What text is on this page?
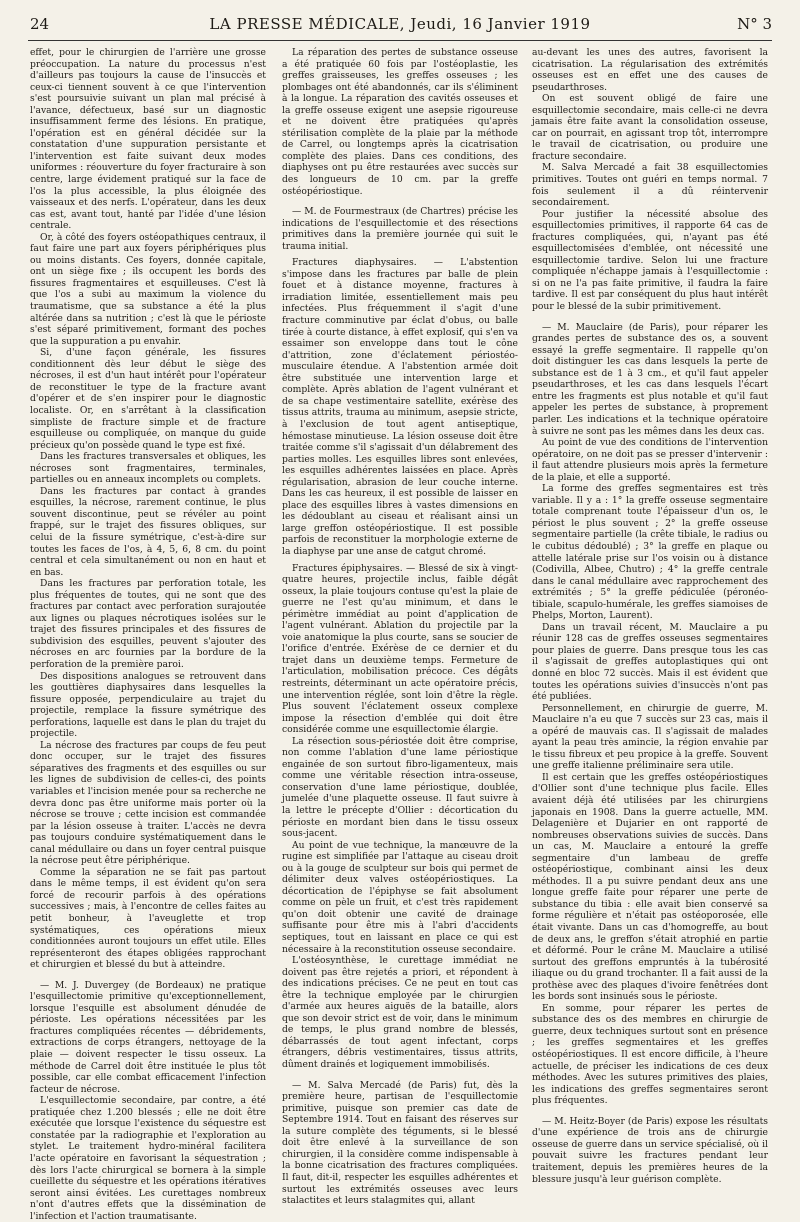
24	LA PRESSE MÉDICALE, Jeudi, 16 Janvier 1919	N° 3

effet, pour le chirurgien de l'arrière une grosse préoccupation. La nature du processus n'est d'ailleurs pas toujours la cause de l'insuccès et ceux-ci tiennent souvent à ce que l'intervention s'est poursuivie suivant un plan mal précisé à l'avance, défectueux, basé sur un diagnostic insuffisamment ferme des lésions. En pratique, l'opération est en général décidée sur la constatation d'une suppuration persistante et l'intervention est faite suivant deux modes uniformes : réouverture du foyer fracturaire à son centre, large évidement pratiqué sur la face de l'os la plus accessible, la plus éloignée des vaisseaux et des nerfs. L'opérateur, dans les deux cas est, avant tout, hanté par l'idée d'une lésion centrale.

Or, à côté des foyers ostéopathiques centraux, il faut faire une part aux foyers périphériques plus ou moins distants. Ces foyers, donnée capitale, ont un siège fixe ; ils occupent les bords des fissures fragmentaires et esquilleuses. C'est là que l'os a subi au maximum la violence du traumatisme, que sa substance a été la plus altérée dans sa nutrition ; c'est là que le périoste s'est séparé primitivement, formant des poches que la suppuration a pu envahir.

Si, d'une façon générale, les fissures conditionnent dès leur début le siège des nécroses, il est d'un haut intérêt pour l'opérateur de reconstituer le type de la fracture avant d'opérer et de s'en inspirer pour le diagnostic localiste. Or, en s'arrêtant à la classification simpliste de fracture simple et de fracture esquilleuse ou compliquée, on manque du guide précieux qu'on possède quand le type est fixé.

Dans les fractures transversales et obliques, les nécroses sont fragmentaires, terminales, partielles ou en anneaux incomplets ou complets.

Dans les fractures par contact à grandes esquilles, la nécrose, rarement continue, le plus souvent discontinue, peut se révéler au point frappé, sur le trajet des fissures obliques, sur celui de la fissure symétrique, c'est-à-dire sur toutes les faces de l'os, à 4, 5, 6, 8 cm. du point central et cela simultanément ou non en haut et en bas.

Dans les fractures par perforation totale, les plus fréquentes de toutes, qui ne sont que des fractures par contact avec perforation surajoutée aux lignes ou plaques nécrotiques isolées sur le trajet des fissures principales et des fissures de subdivision des esquilles, peuvent s'ajouter des nécroses en arc fournies par la bordure de la perforation de la première paroi.

Des dispositions analogues se retrouvent dans les gouttières diaphysaires dans lesquelles la fissure opposée, perpendiculaire au trajet du projectile, remplace la fissure symétrique des perforations, laquelle est dans le plan du trajet du projectile.

La nécrose des fractures par coups de feu peut donc occuper, sur le trajet des fissures séparatives des fragments et des esquilles ou sur les lignes de subdivision de celles-ci, des points variables et l'incision menée pour sa recherche ne devra donc pas être uniforme mais porter où la nécrose se trouve ; cette incision est commandée par la lésion osseuse à traiter. L'accès ne devra pas toujours conduire systématiquement dans le canal médullaire ou dans un foyer central puisque la nécrose peut être périphérique.

Comme la séparation ne se fait pas partout dans le même temps, il est évident qu'on sera forcé de recourir parfois à des opérations successives ; mais, à l'encontre de celles faites au petit bonheur, à l'aveuglette et trop systématiques, ces opérations mieux conditionnées auront toujours un effet utile. Elles représenteront des étapes obligées rapprochant et chirurgien et blessé du but à atteindre.

— M. J. Duvergey (de Bordeaux) ne pratique l'esquillectomie primitive qu'exceptionnellement, lorsque l'esquille est absolument dénudée de périoste. Les opérations nécessitées par les fractures compliquées récentes — débridements, extractions de corps étrangers, nettoyage de la plaie — doivent respecter le tissu osseux. La méthode de Carrel doit être instituée le plus tôt possible, car elle combat efficacement l'infection facteur de nécrose.

L'esquillectomie secondaire, par contre, a été pratiquée chez 1.200 blessés ; elle ne doit être exécutée que lorsque l'existence du séquestre est constatée par la radiographie et l'exploration au stylet. Le traitement hydro-minéral facilitera l'acte opératoire en favorisant la séquestration ; dès lors l'acte chirurgical se bornera à la simple cueillette du séquestre et les opérations itératives seront ainsi évitées. Les curettages nombreux n'ont d'autres effets que la dissémination de l'infection et l'action traumatisante.

La réparation des pertes de substance osseuse a été pratiquée 60 fois par l'ostéoplastie, les greffes graisseuses, les greffes osseuses ; les plombages ont été abandonnés, car ils s'éliminent à la longue. La réparation des cavités osseuses et la greffe osseuse exigent une asepsie rigoureuse et ne doivent être pratiquées qu'après stérilisation complète de la plaie par la méthode de Carrel, ou longtemps après la cicatrisation complète des plaies. Dans ces conditions, des diaphyses ont pu être restaurées avec succès sur des longueurs de 10 cm. par la greffe ostéopériostique.

— M. de Fourmestraux (de Chartres) précise les indications de l'esquillectomie et des résections primitives dans la première journée qui suit le trauma initial.

Fractures diaphysaires. — L'abstention s'impose dans les fractures par balle de plein fouet et à distance moyenne, fractures à irradiation limitée, essentiellement mais peu infectées. Plus fréquemment il s'agit d'une fracture comminutive par éclat d'obus, ou balle tirée à courte distance, à effet explosif, qui s'en va essaimer son enveloppe dans tout le cône d'attrition, zone d'éclatement périostéo-musculaire étendue. A l'abstention armée doit être substituée une intervention large et complète. Après ablation de l'agent vulnérant et de sa chape vestimentaire satellite, exérèse des tissus attrits, trauma au minimum, asepsie stricte, à l'exclusion de tout agent antiseptique, hémostase minutieuse. La lésion osseuse doit être traitée comme s'il s'agissait d'un délabrement des parties molles. Les esquilles libres sont enlevées, les esquilles adhérentes laissées en place. Après régularisation, abrasion de leur couche interne. Dans les cas heureux, il est possible de laisser en place des esquilles libres à vastes dimensions en les dédoublant au ciseau et réalisant ainsi un large greffon ostéopériostique. Il est possible parfois de reconstituer la morphologie externe de la diaphyse par une anse de catgut chromé.

Fractures épiphysaires. — Blessé de six à vingt-quatre heures, projectile inclus, faible dégât osseux, la plaie toujours contuse qu'est la plaie de guerre ne l'est qu'au minimum, et dans le périmètre immédiat au point d'application de l'agent vulnérant. Ablation du projectile par la voie anatomique la plus courte, sans se soucier de l'orifice d'entrée. Exérèse de ce dernier et du trajet dans un deuxième temps. Fermeture de l'articulation, mobilisation précoce. Ces dégâts restreints, déterminant un acte opératoire précis, une intervention réglée, sont loin d'être la règle. Plus souvent l'éclatement osseux complexe impose la résection d'emblée qui doit être considérée comme une esquillectomie élargie.

La résection sous-périostée doit être comprise, non comme l'ablation d'une lame périostique engainée de son surtout fibro-ligamenteux, mais comme une véritable résection intra-osseuse, conservation d'une lame périostique, doublée, jumelée d'une plaquette osseuse. Il faut suivre à la lettre le précepte d'Ollier : décortication du périoste en mordant bien dans le tissu osseux sous-jacent.

Au point de vue technique, la manœuvre de la rugine est simplifiée par l'attaque au ciseau droit ou à la gouge de sculpteur sur bois qui permet de délimiter deux valves ostéopériostiques. La décortication de l'épiphyse se fait absolument comme on pèle un fruit, et c'est très rapidement qu'on doit obtenir une cavité de drainage suffisante pour être mis à l'abri d'accidents septiques, tout en laissant en place ce qui est nécessaire à la reconstitution osseuse secondaire.

L'ostéosynthèse, le curettage immédiat ne doivent pas être rejetés a priori, et répondent à des indications précises. Ce ne peut en tout cas être la technique employée par le chirurgien d'armée aux heures aiguës de la bataille, alors que son devoir strict est de voir, dans le minimum de temps, le plus grand nombre de blessés, débarrassés de tout agent infectant, corps étrangers, débris vestimentaires, tissus attrits, dûment drainés et logiquement immobilisés.

— M. Salva Mercadé (de Paris) fut, dès la première heure, partisan de l'esquillectomie primitive, puisque son premier cas date de Septembre 1914. Tout en faisant des réserves sur la suture complète des téguments, si le blessé doit être enlevé à la surveillance de son chirurgien, il la considère comme indispensable à la bonne cicatrisation des fractures compliquées. Il faut, dit-il, respecter les esquilles adhérentes et surtout les extrémités osseuses avec leurs stalactites et leurs stalagmites qui, allant

au-devant les unes des autres, favorisent la cicatrisation. La régularisation des extrémités osseuses est en effet une des causes de pseudarthroses.

On est souvent obligé de faire une esquillectomie secondaire, mais celle-ci ne devra jamais être faite avant la consolidation osseuse, car on pourrait, en agissant trop tôt, interrompre le travail de cicatrisation, ou produire une fracture secondaire.

M. Salva Mercadé a fait 38 esquillectomies primitives. Toutes ont guéri en temps normal. 7 fois seulement il a dû réintervenir secondairement.

Pour justifier la nécessité absolue des esquillectomies primitives, il rapporte 64 cas de fractures compliquées, qui, n'ayant pas été esquillectomisées d'emblée, ont nécessité une esquillectomie tardive. Selon lui une fracture compliquée n'échappe jamais à l'esquillectomie : si on ne l'a pas faite primitive, il faudra la faire tardive. Il est par conséquent du plus haut intérêt pour le blessé de la subir primitivement.

— M. Mauclaire (de Paris), pour réparer les grandes pertes de substance des os, a souvent essayé la greffe segmentaire. Il rappelle qu'on doit distinguer les cas dans lesquels la perte de substance est de 1 à 3 cm., et qu'il faut appeler pseudarthroses, et les cas dans lesquels l'écart entre les fragments est plus notable et qu'il faut appeler les pertes de substance, à proprement parler. Les indications et la technique opératoire à suivre ne sont pas les mêmes dans les deux cas.

Au point de vue des conditions de l'intervention opératoire, on ne doit pas se presser d'intervenir : il faut attendre plusieurs mois après la fermeture de la plaie, et elle a supporté.

La forme des greffes segmentaires est très variable. Il y a : 1° la greffe osseuse segmentaire totale comprenant toute l'épaisseur d'un os, le périost le plus souvent ; 2° la greffe osseuse segmentaire partielle (la crête tibiale, le radius ou le cubitus dédoublé) ; 3° la greffe en plaque ou attelle latérale prise sur l'os voisin ou à distance (Codivilla, Albee, Chutro) ; 4° la greffe centrale dans le canal médullaire avec rapprochement des extrémités ; 5° la greffe pédiculée (péronéo-tibiale, scapulo-humérale, les greffes siamoises de Phelps, Morton, Laurent).

Dans un travail récent, M. Mauclaire a pu réunir 128 cas de greffes osseuses segmentaires pour plaies de guerre. Dans presque tous les cas il s'agissait de greffes autoplastiques qui ont donné en bloc 72 succès. Mais il est évident que toutes les opérations suivies d'insuccès n'ont pas été publiées.

Personnellement, en chirurgie de guerre, M. Mauclaire n'a eu que 7 succès sur 23 cas, mais il a opéré de mauvais cas. Il s'agissait de malades ayant la peau très amincie, la région envahie par le tissu fibreux et peu propice à la greffe. Souvent une greffe italienne préliminaire sera utile.

Il est certain que les greffes ostéopériostiques d'Ollier sont d'une technique plus facile. Elles avaient déjà été utilisées par les chirurgiens japonais en 1908. Dans la guerre actuelle, MM. Delagenière et Dujarier en ont rapporté de nombreuses observations suivies de succès. Dans un cas, M. Mauclaire a entouré la greffe segmentaire d'un lambeau de greffe ostéopériostique, combinant ainsi les deux méthodes. Il a pu suivre pendant deux ans une longue greffe faite pour réparer une perte de substance du tibia : elle avait bien conservé sa forme régulière et n'était pas ostéoporosée, elle était vivante. Dans un cas d'homogreffe, au bout de deux ans, le greffon s'était atrophié en partie et déformé. Pour le crâne M. Mauclaire a utilisé surtout des greffons empruntés à la tubérosité iliaque ou du grand trochanter. Il a fait aussi de la prothèse avec des plaques d'ivoire fenêtrées dont les bords sont insinués sous le périoste.

En somme, pour réparer les pertes de substance des os des membres en chirurgie de guerre, deux techniques surtout sont en présence ; les greffes segmentaires et les greffes ostéopériostiques. Il est encore difficile, à l'heure actuelle, de préciser les indications de ces deux méthodes. Avec les sutures primitives des plaies, les indications des greffes segmentaires seront plus fréquentes.

— M. Heitz-Boyer (de Paris) expose les résultats d'une expérience de trois ans de chirurgie osseuse de guerre dans un service spécialisé, où il pouvait suivre les fractures pendant leur traitement, depuis les premières heures de la blessure jusqu'à leur guérison complète.
